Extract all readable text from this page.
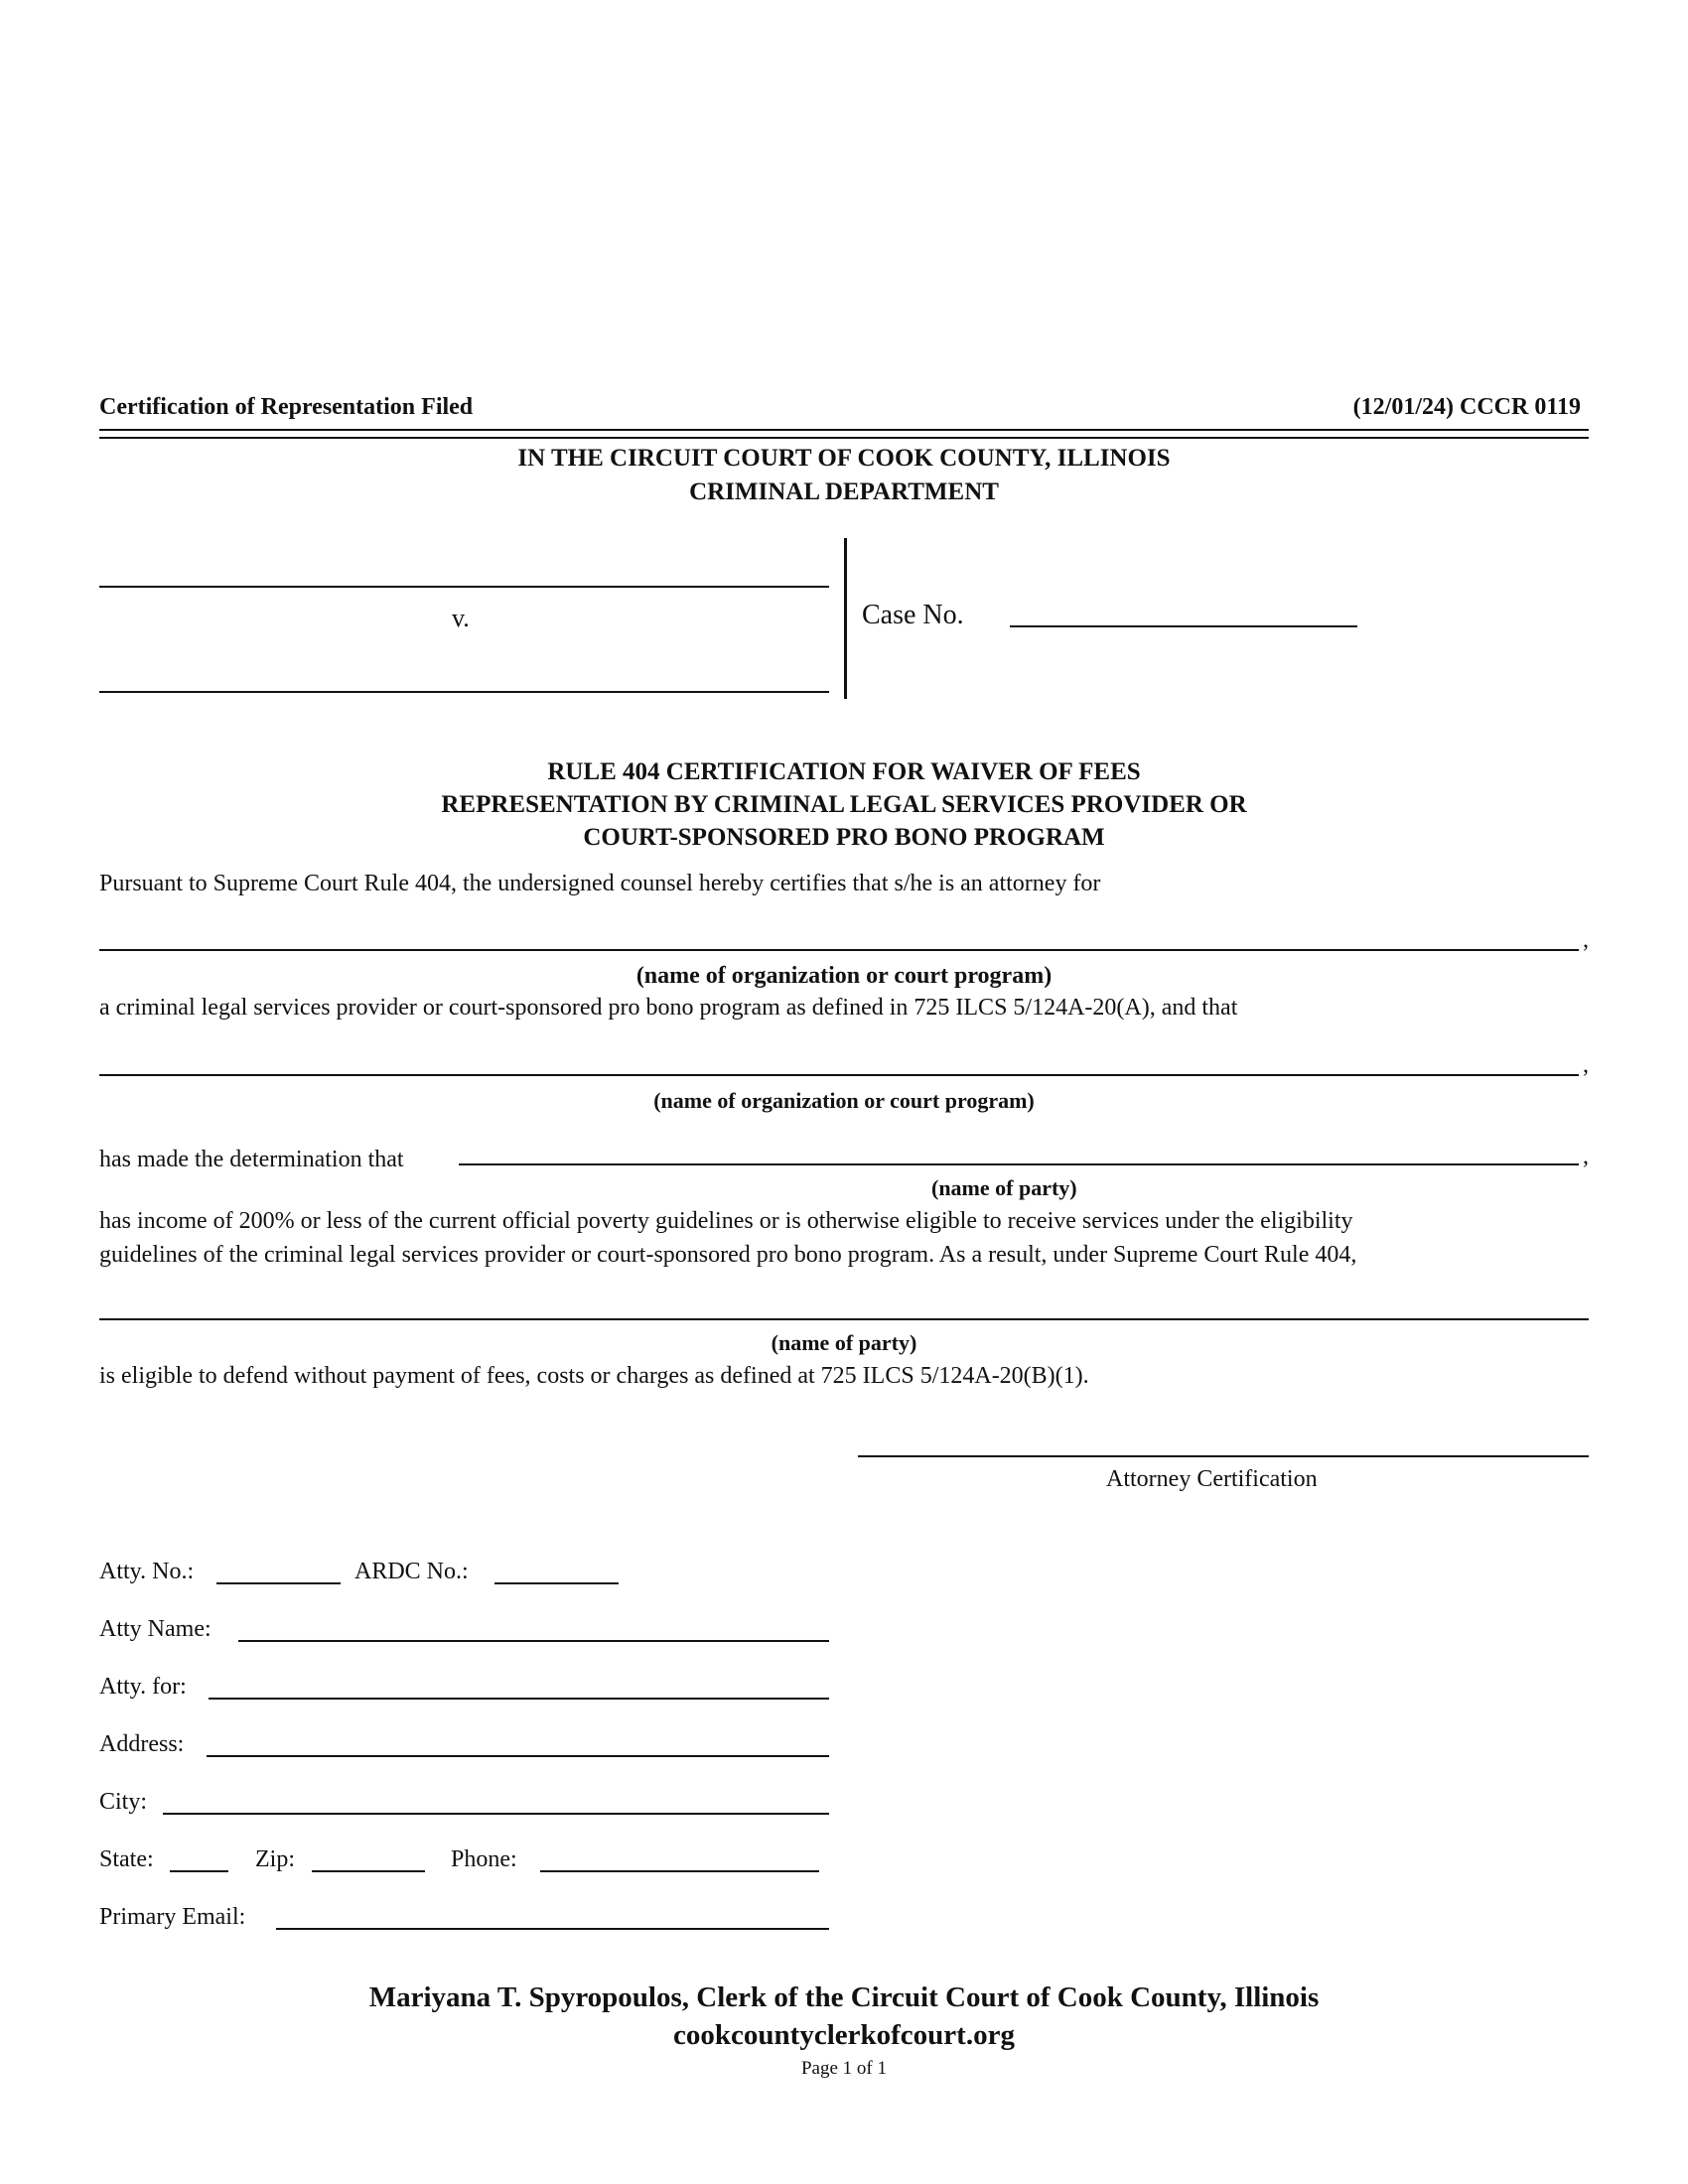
Certification of Representation Filed	(12/01/24) CCCR 0119
IN THE CIRCUIT COURT OF COOK COUNTY, ILLINOIS
CRIMINAL DEPARTMENT
v.	Case No.
RULE 404 CERTIFICATION FOR WAIVER OF FEES
REPRESENTATION BY CRIMINAL LEGAL SERVICES PROVIDER OR
COURT-SPONSORED PRO BONO PROGRAM
Pursuant to Supreme Court Rule 404, the undersigned counsel hereby certifies that s/he is an attorney for
,
(name of organization or court program)
a criminal legal services provider or court-sponsored pro bono program as defined in 725 ILCS 5/124A-20(A), and that
,
(name of organization or court program)
has made the determination that	,
(name of party)
has income of 200% or less of the current official poverty guidelines or is otherwise eligible to receive services under the eligibility
guidelines of the criminal legal services provider or court-sponsored pro bono program. As a result, under Supreme Court Rule 404,
(name of party)
is eligible to defend without payment of fees, costs or charges as defined at 725 ILCS 5/124A-20(B)(1).
Attorney Certification
Atty. No.:	ARDC No.:
Atty Name:
Atty. for:
Address:
City:
State:	Zip:	Phone:
Primary Email:
Mariyana T. Spyropoulos, Clerk of the Circuit Court of Cook County, Illinois
cookcountyclerkofcourt.org
Page 1 of 1
